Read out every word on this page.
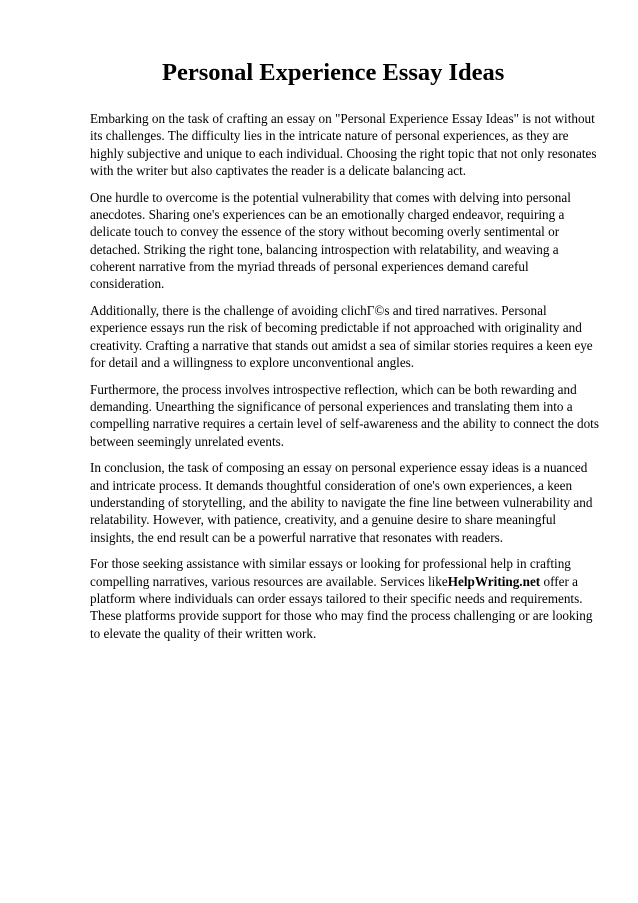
Personal Experience Essay Ideas

Embarking on the task of crafting an essay on "Personal Experience Essay Ideas" is not without its challenges. The difficulty lies in the intricate nature of personal experiences, as they are highly subjective and unique to each individual. Choosing the right topic that not only resonates with the writer but also captivates the reader is a delicate balancing act.

One hurdle to overcome is the potential vulnerability that comes with delving into personal anecdotes. Sharing one's experiences can be an emotionally charged endeavor, requiring a delicate touch to convey the essence of the story without becoming overly sentimental or detached. Striking the right tone, balancing introspection with relatability, and weaving a coherent narrative from the myriad threads of personal experiences demand careful consideration.

Additionally, there is the challenge of avoiding clichГ©s and tired narratives. Personal experience essays run the risk of becoming predictable if not approached with originality and creativity. Crafting a narrative that stands out amidst a sea of similar stories requires a keen eye for detail and a willingness to explore unconventional angles.

Furthermore, the process involves introspective reflection, which can be both rewarding and demanding. Unearthing the significance of personal experiences and translating them into a compelling narrative requires a certain level of self-awareness and the ability to connect the dots between seemingly unrelated events.

In conclusion, the task of composing an essay on personal experience essay ideas is a nuanced and intricate process. It demands thoughtful consideration of one's own experiences, a keen understanding of storytelling, and the ability to navigate the fine line between vulnerability and relatability. However, with patience, creativity, and a genuine desire to share meaningful insights, the end result can be a powerful narrative that resonates with readers.

For those seeking assistance with similar essays or looking for professional help in crafting compelling narratives, various resources are available. Services likeHelpWriting.net offer a platform where individuals can order essays tailored to their specific needs and requirements. These platforms provide support for those who may find the process challenging or are looking to elevate the quality of their written work.
